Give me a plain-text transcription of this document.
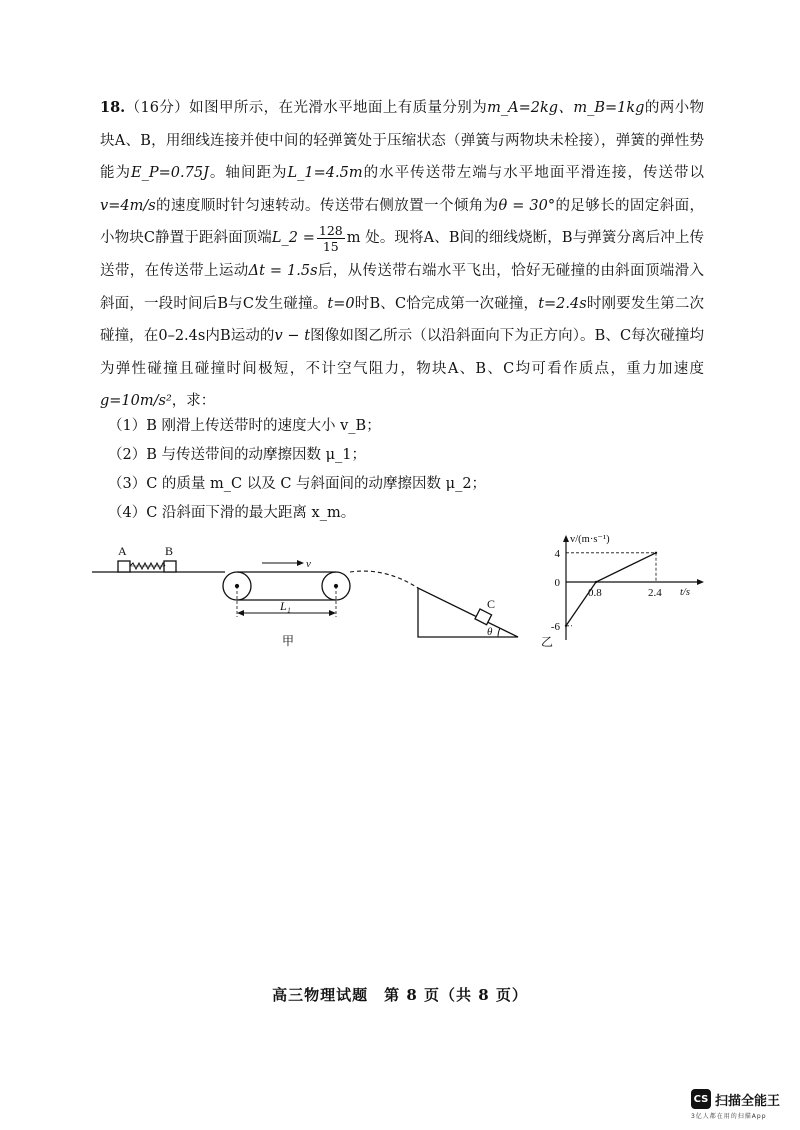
18.（16分）如图甲所示，在光滑水平地面上有质量分别为m_A=2kg、m_B=1kg的两小物块A、B，用细线连接并使中间的轻弹簧处于压缩状态（弹簧与两物块未栓接），弹簧的弹性势能为E_P=0.75J。轴间距为L_1=4.5m的水平传送带左端与水平地面平滑连接，传送带以v=4m/s的速度顺时针匀速转动。传送带右侧放置一个倾角为θ = 30°的足够长的固定斜面，小物块C静置于距斜面顶端L_2 = $\frac{128}{15}$ m 处。现将A、B间的细线烧断，B与弹簧分离后冲上传送带，在传送带上运动Δt = 1.5s后，从传送带右端水平飞出，恰好无碰撞的由斜面顶端滑入斜面，一段时间后B与C发生碰撞。t=0时B、C恰完成第一次碰撞，t=2.4s时刚要发生第二次碰撞，在0–2.4s内B运动的v − t图像如图乙所示（以沿斜面向下为正方向）。B、C每次碰撞均为弹性碰撞且碰撞时间极短，不计空气阻力，物块A、B、C均可看作质点，重力加速度g=10m/s²，求：

（1）B 刚滑上传送带时的速度大小 v_B；

（2）B 与传送带间的动摩擦因数 μ_1；

（3）C 的质量 m_C 以及 C 与斜面间的动摩擦因数 μ_2；

（4）C 沿斜面下滑的最大距离 x_m。

A	B
v
L₁	C
θ
甲
v/(m·s⁻¹)
t/s
乙
0.8	2.4
4
0
-6
高三物理试题　第 8 页（共 8 页）
CS 扫描全能王
3亿人都在用的扫描App
